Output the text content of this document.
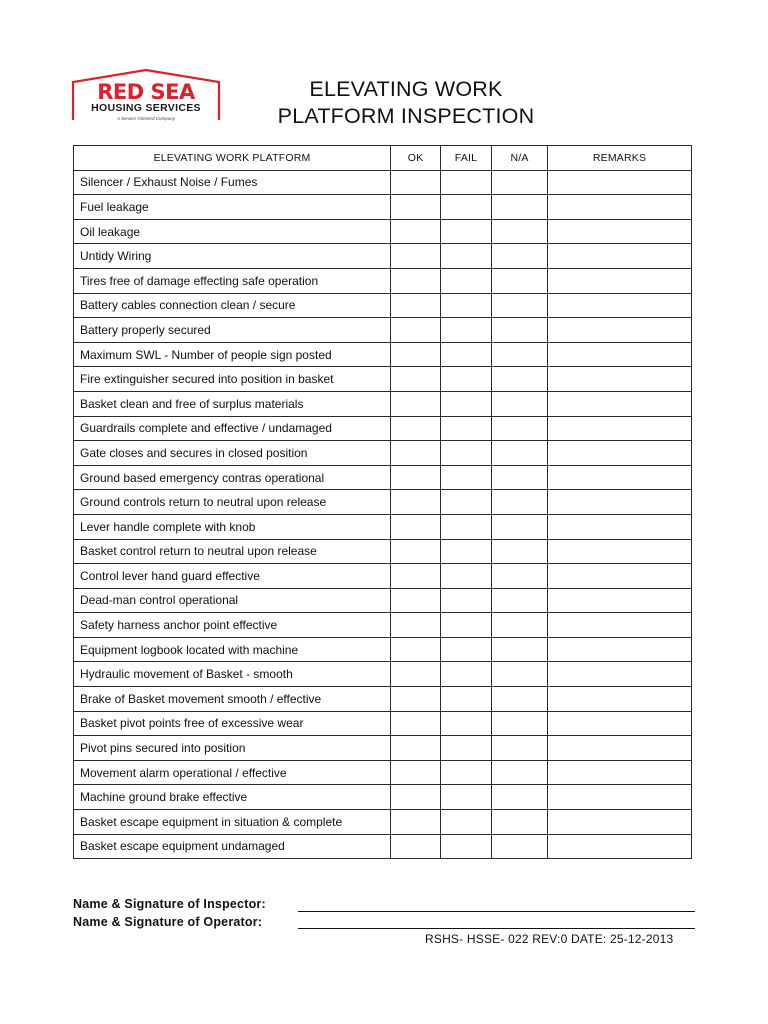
RED SEA
HOUSING SERVICES
A Service Oriented Company
ELEVATING WORK
PLATFORM INSPECTION
ELEVATING WORK PLATFORM	OK	FAIL	N/A	REMARKS
Silencer / Exhaust Noise / Fumes				
Fuel leakage				
Oil leakage				
Untidy Wiring				
Tires free of damage effecting safe operation				
Battery cables connection clean / secure				
Battery properly secured				
Maximum SWL - Number of people sign posted				
Fire extinguisher secured into position in basket				
Basket clean and free of surplus materials				
Guardrails complete and effective / undamaged				
Gate closes and secures in closed position				
Ground based emergency contras operational				
Ground controls return to neutral upon release				
Lever handle complete with knob				
Basket control return to neutral upon release				
Control lever hand guard effective				
Dead-man control operational				
Safety harness anchor point effective				
Equipment logbook located with machine				
Hydraulic movement of Basket - smooth				
Brake of Basket movement smooth / effective				
Basket pivot points free of excessive wear				
Pivot pins secured into position				
Movement alarm operational / effective				
Machine ground brake effective				
Basket escape equipment in situation & complete				
Basket escape equipment undamaged				
Name & Signature of Inspector:
Name & Signature of Operator:
RSHS- HSSE- 022 REV:0 DATE: 25-12-2013
